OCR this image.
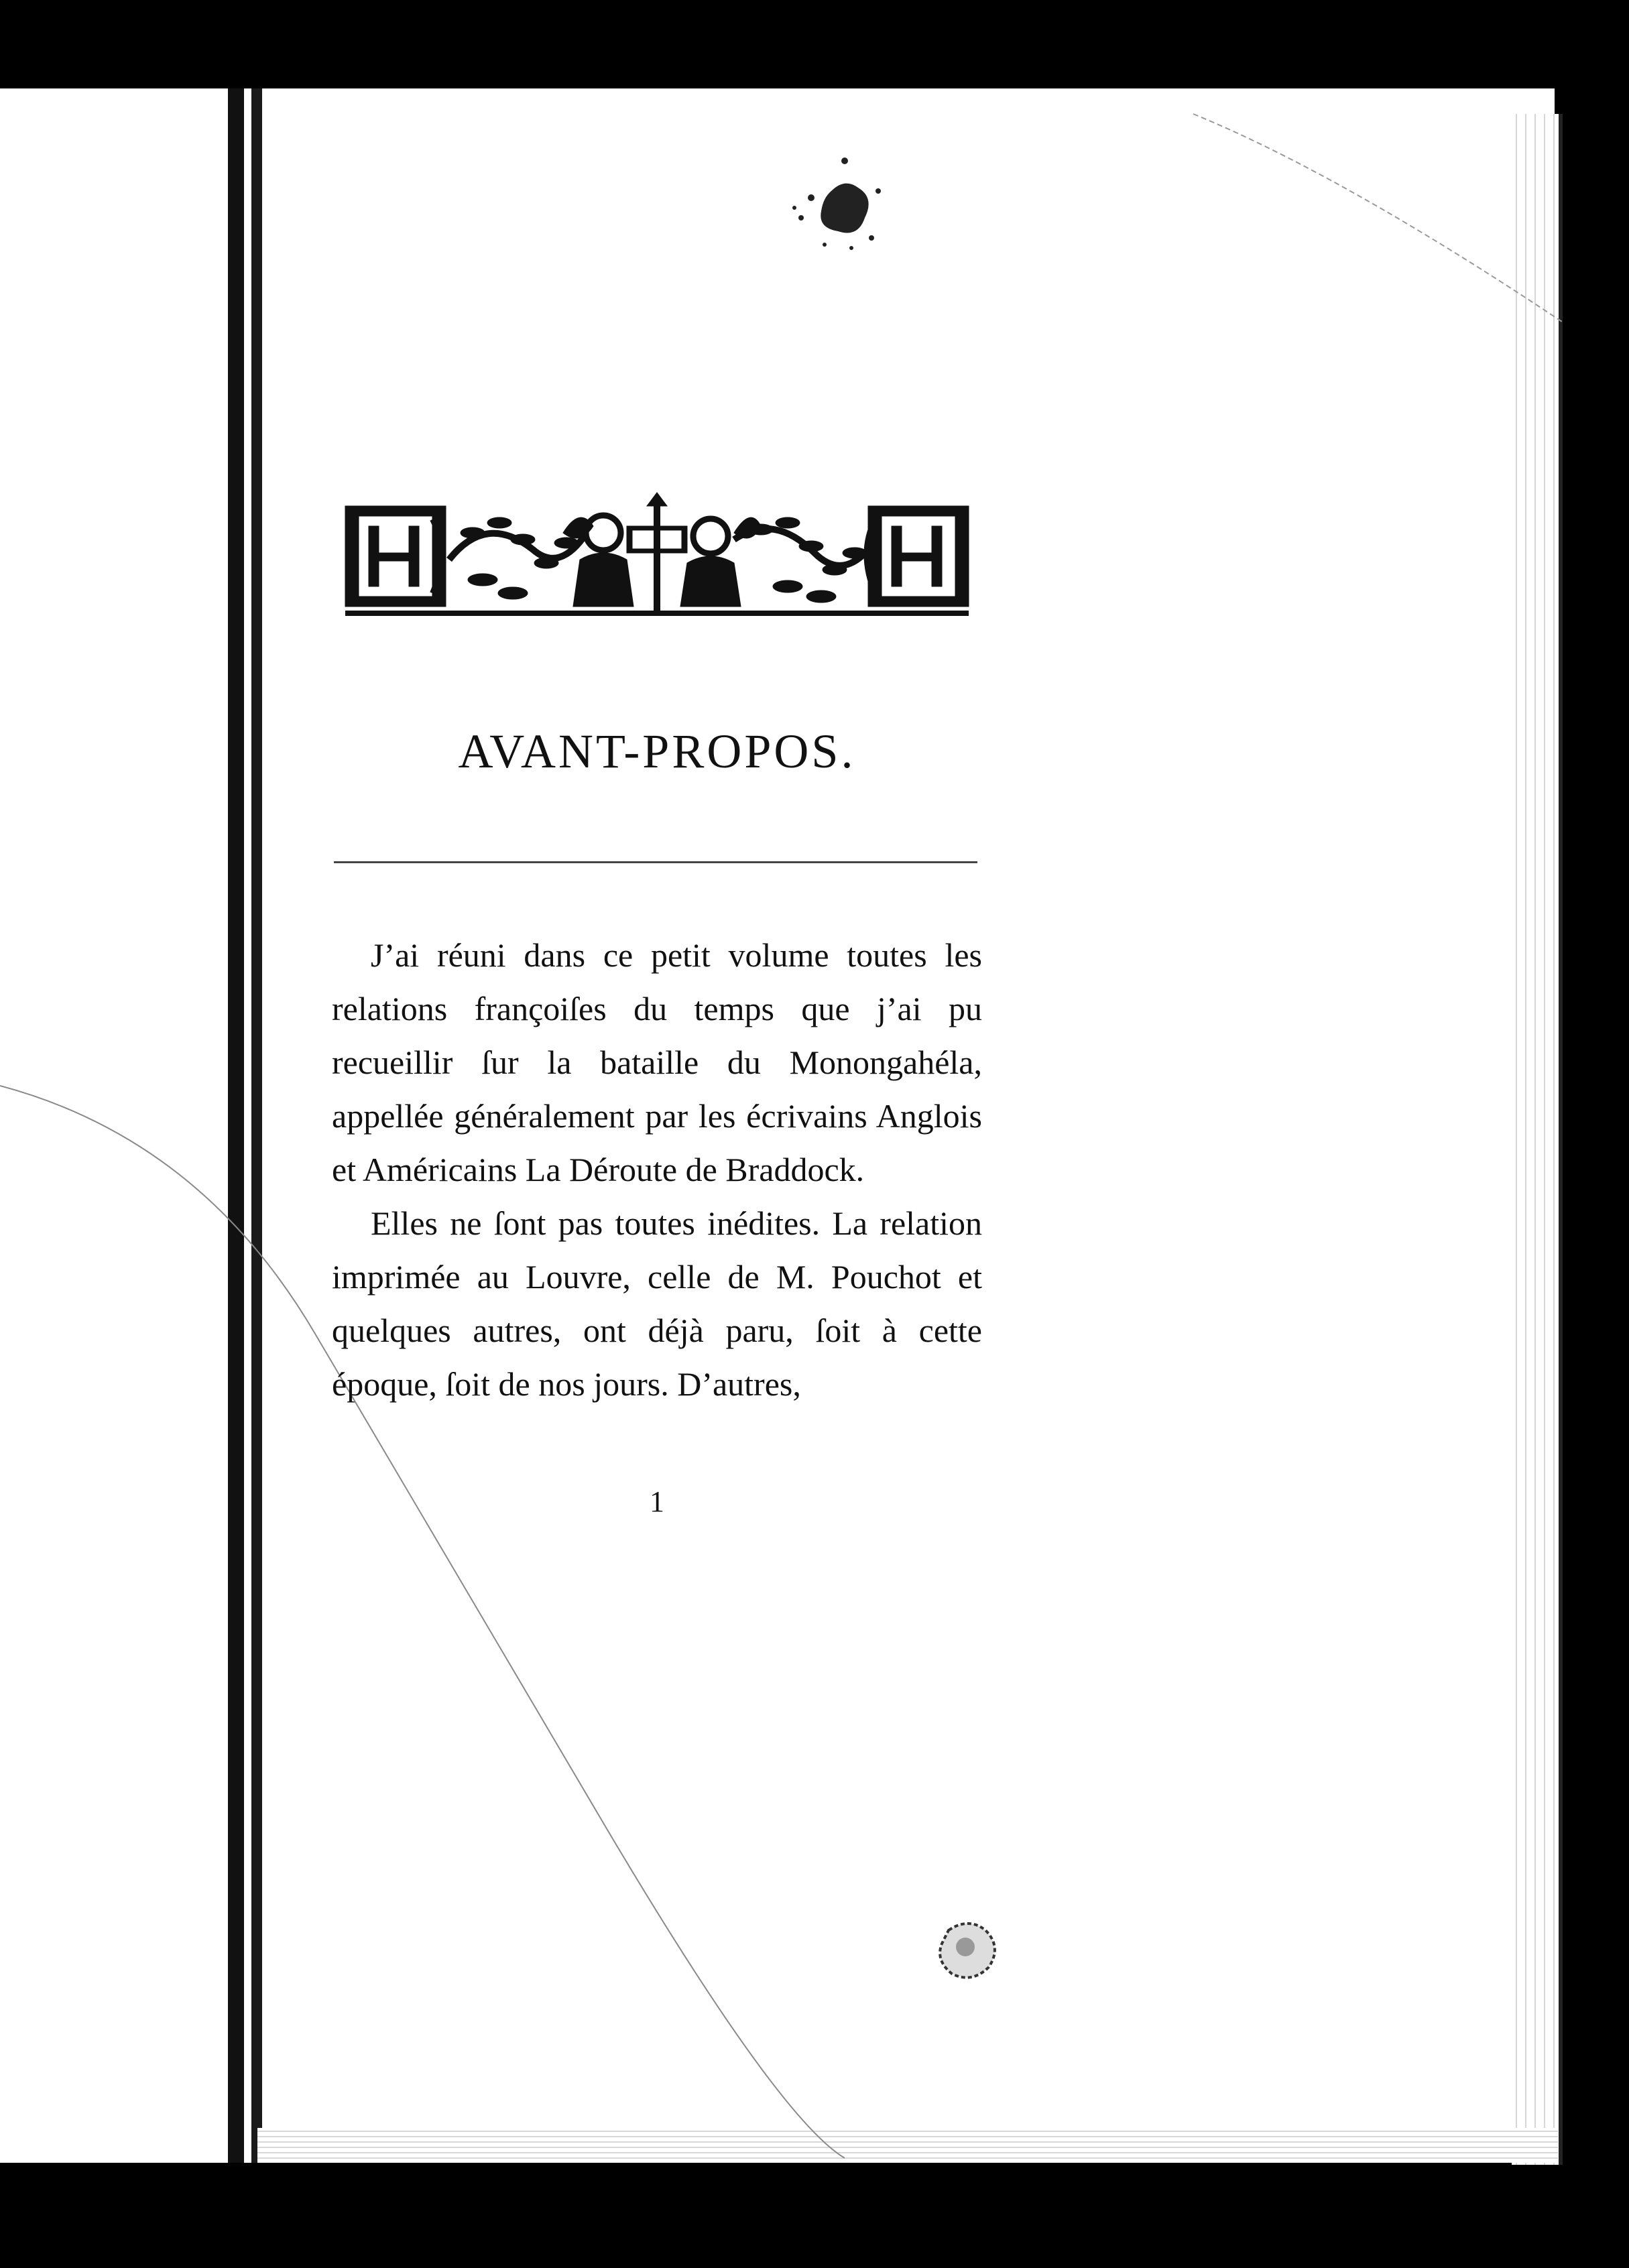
AVANT-PROPOS.

J’ai réuni dans ce petit volume toutes les relations françoiſes du temps que j’ai pu recueillir ſur la bataille du Monongahéla, appellée généralement par les écrivains Anglois et Américains La Déroute de Braddock.

Elles ne ſont pas toutes inédites. La relation imprimée au Louvre, celle de M. Pouchot et quelques autres, ont déjà paru, ſoit à cette époque, ſoit de nos jours. D’autres,

1
